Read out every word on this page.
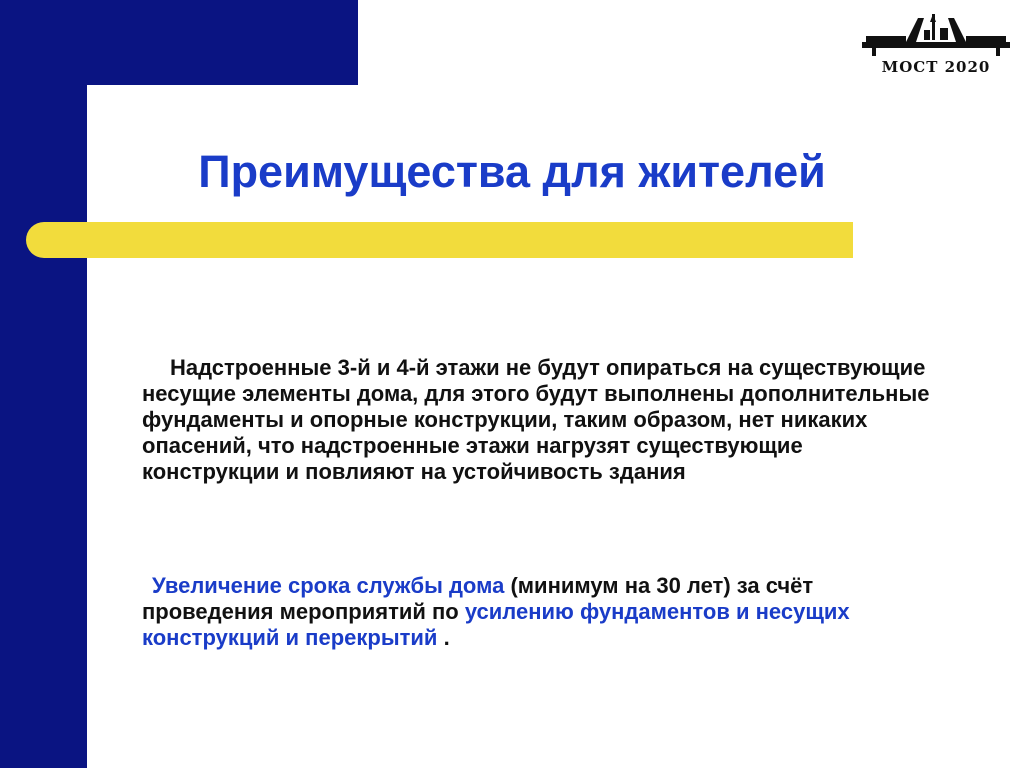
МОСТ 2020
Преимущества для жителей

Надстроенные 3-й и 4-й этажи не будут опираться на существующие несущие элементы дома, для этого будут выполнены дополнительные фундаменты и опорные конструкции, таким образом, нет никаких опасений, что надстроенные этажи нагрузят существующие конструкции и повлияют на устойчивость здания

Увеличение срока службы дома (минимум на 30 лет) за счёт проведения мероприятий по усилению фундаментов и несущих конструкций и перекрытий .
